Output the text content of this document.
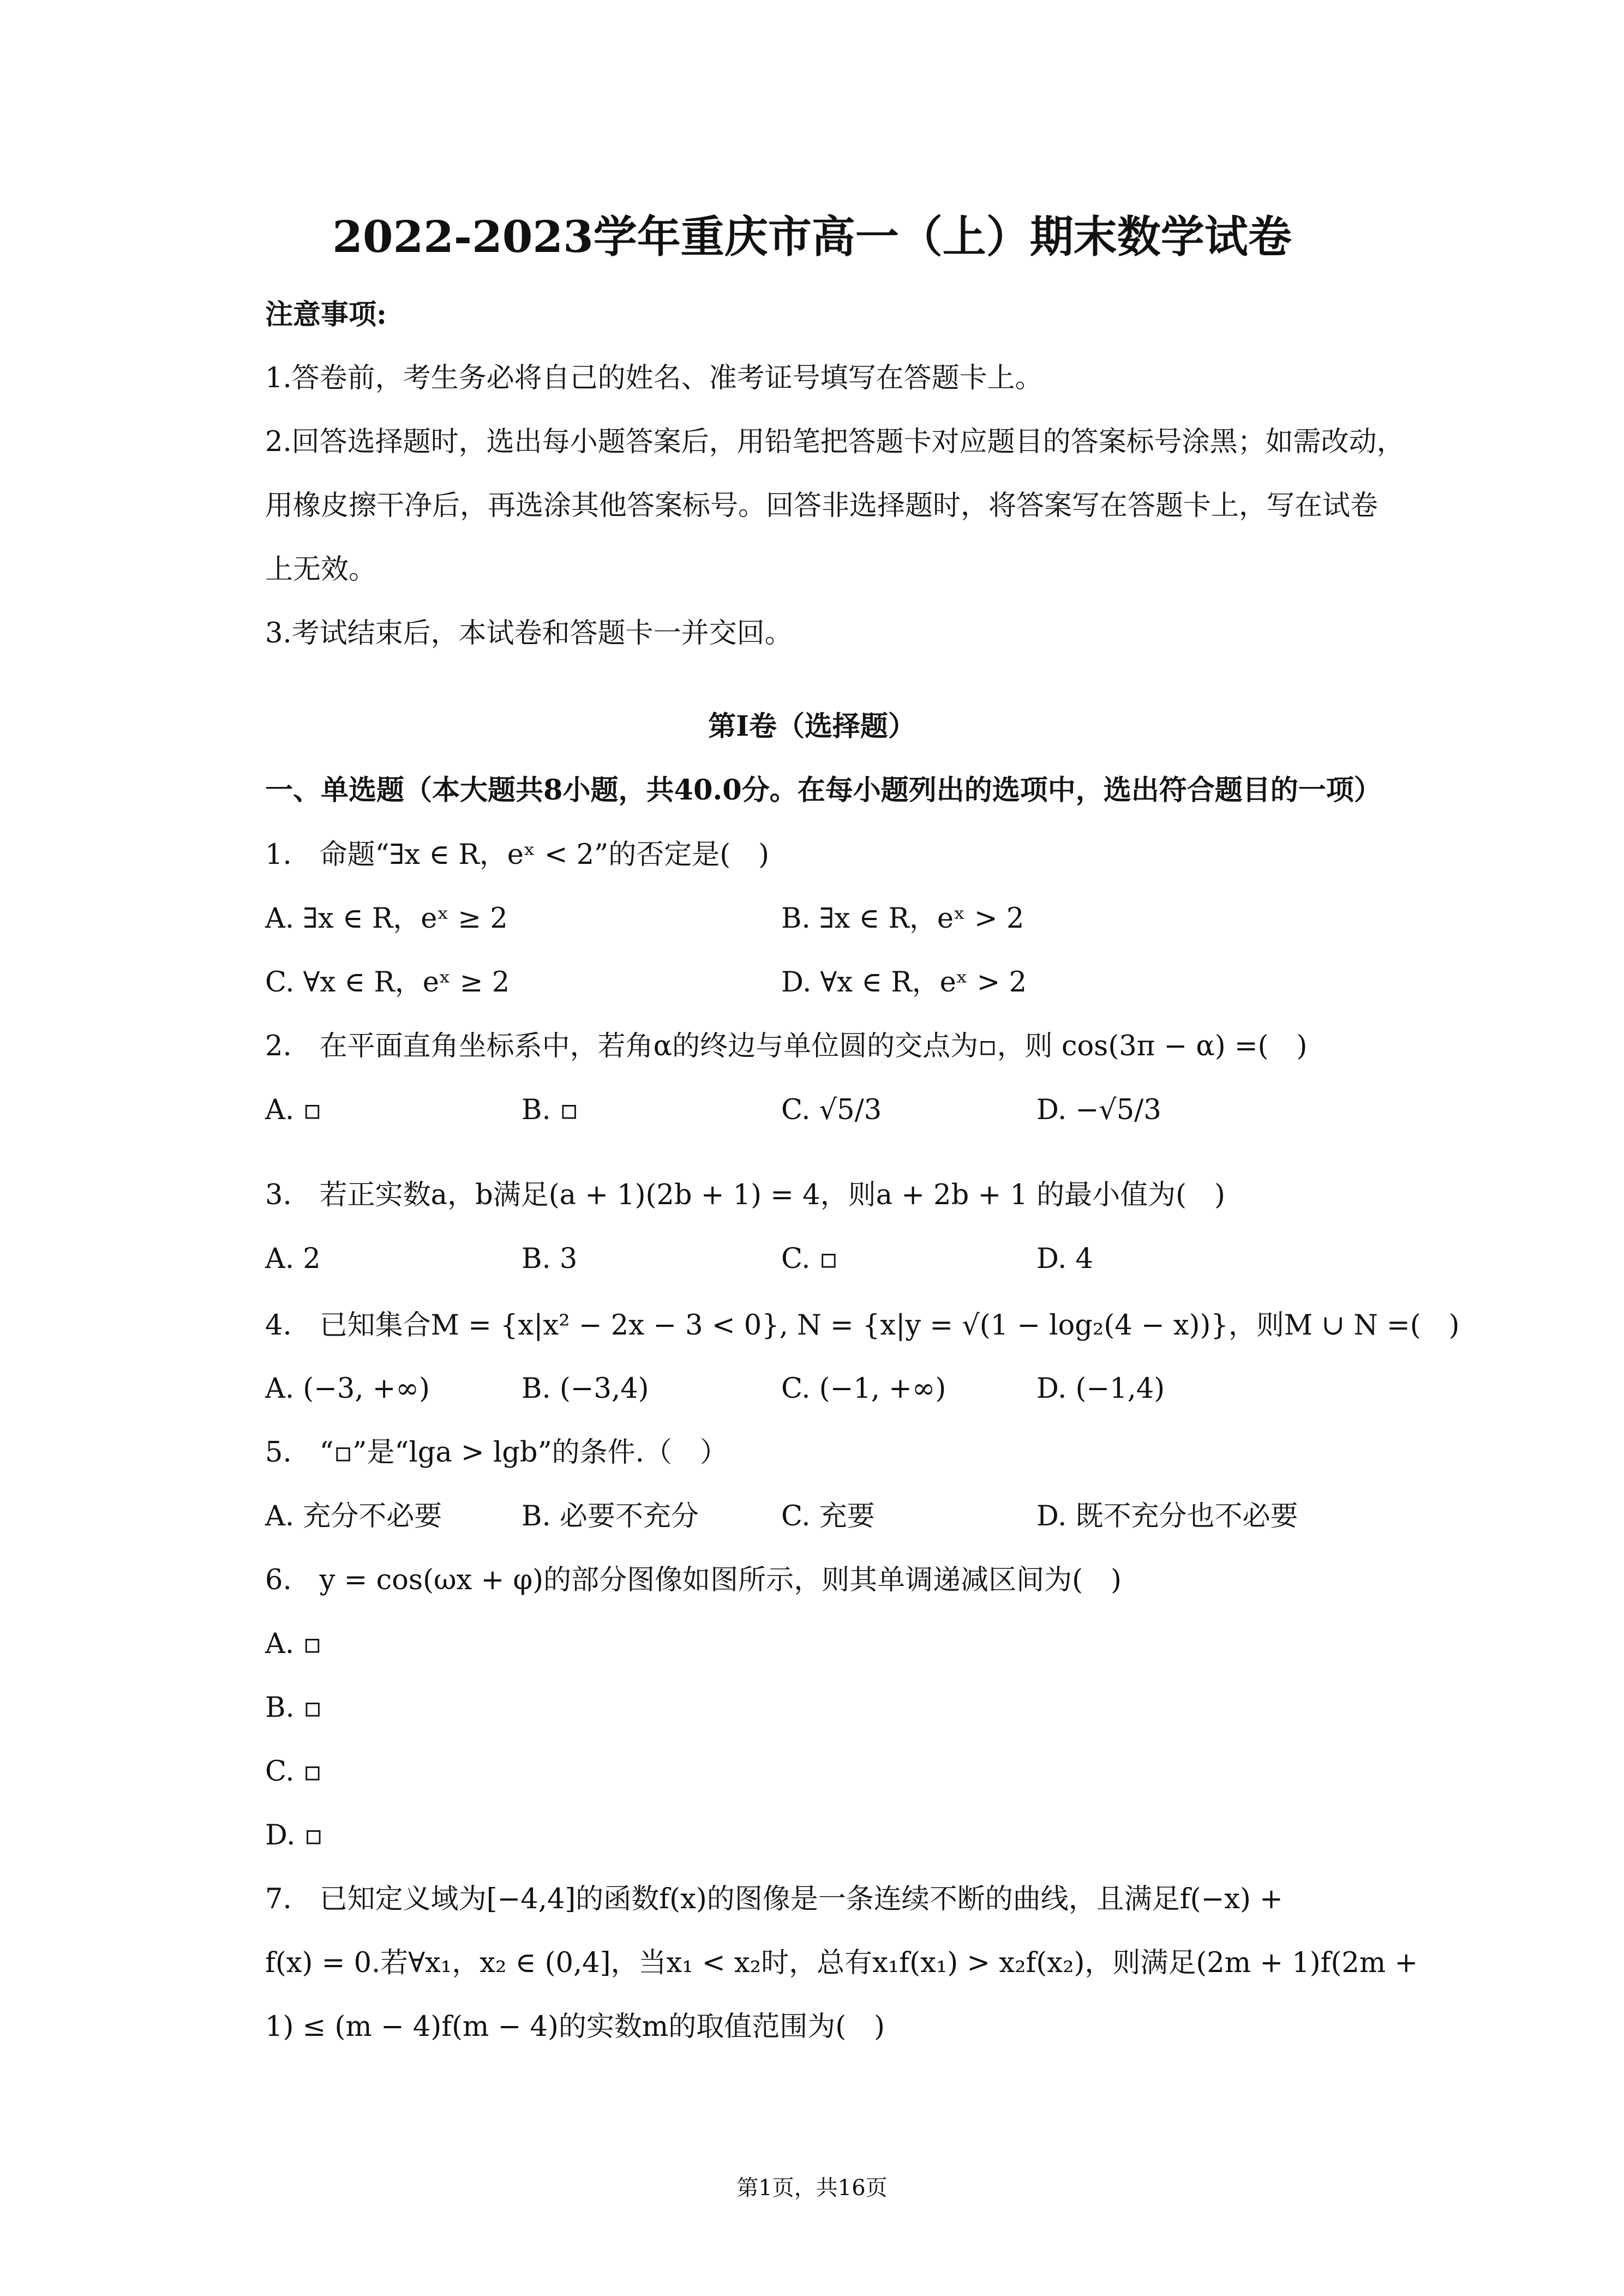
2022-2023学年重庆市高一（上）期末数学试卷
注意事项:
1.答卷前，考生务必将自己的姓名、准考证号填写在答题卡上。
2.回答选择题时，选出每小题答案后，用铅笔把答题卡对应题目的答案标号涂黑；如需改动，
用橡皮擦干净后，再选涂其他答案标号。回答非选择题时，将答案写在答题卡上，写在试卷
上无效。
3.考试结束后，本试卷和答题卡一并交回。
第I卷（选择题）
一、单选题（本大题共8小题，共40.0分。在每小题列出的选项中，选出符合题目的一项）
1. 命题“∃x ∈ R，eˣ < 2”的否定是( )
A. ∃x ∈ R，eˣ ≥ 2	B. ∃x ∈ R，eˣ > 2
C. ∀x ∈ R，eˣ ≥ 2	D. ∀x ∈ R，eˣ > 2
2. 在平面直角坐标系中，若角α的终边与单位圆的交点为▫，则 cos(3π − α) =( )
A. ▫	B. ▫	C. √5/3	D. −√5/3
3. 若正实数a，b满足(a + 1)(2b + 1) = 4，则a + 2b + 1 的最小值为( )
A. 2	B. 3	C. ▫	D. 4
4. 已知集合M = {x|x² − 2x − 3 < 0}, N = {x|y = √(1 − log₂(4 − x))}，则M ∪ N =( )
A. (−3, +∞)	B. (−3,4)	C. (−1, +∞)	D. (−1,4)
5. “▫”是“lga > lgb”的条件.（ ）
A. 充分不必要	B. 必要不充分	C. 充要	D. 既不充分也不必要
6. y = cos(ωx + φ)的部分图像如图所示，则其单调递减区间为( )
A. ▫
B. ▫
C. ▫
D. ▫
7. 已知定义域为[−4,4]的函数f(x)的图像是一条连续不断的曲线，且满足f(−x) +
f(x) = 0.若∀x₁，x₂ ∈ (0,4]，当x₁ < x₂时，总有x₁f(x₁) > x₂f(x₂)，则满足(2m + 1)f(2m +
1) ≤ (m − 4)f(m − 4)的实数m的取值范围为( )
第1页，共16页
